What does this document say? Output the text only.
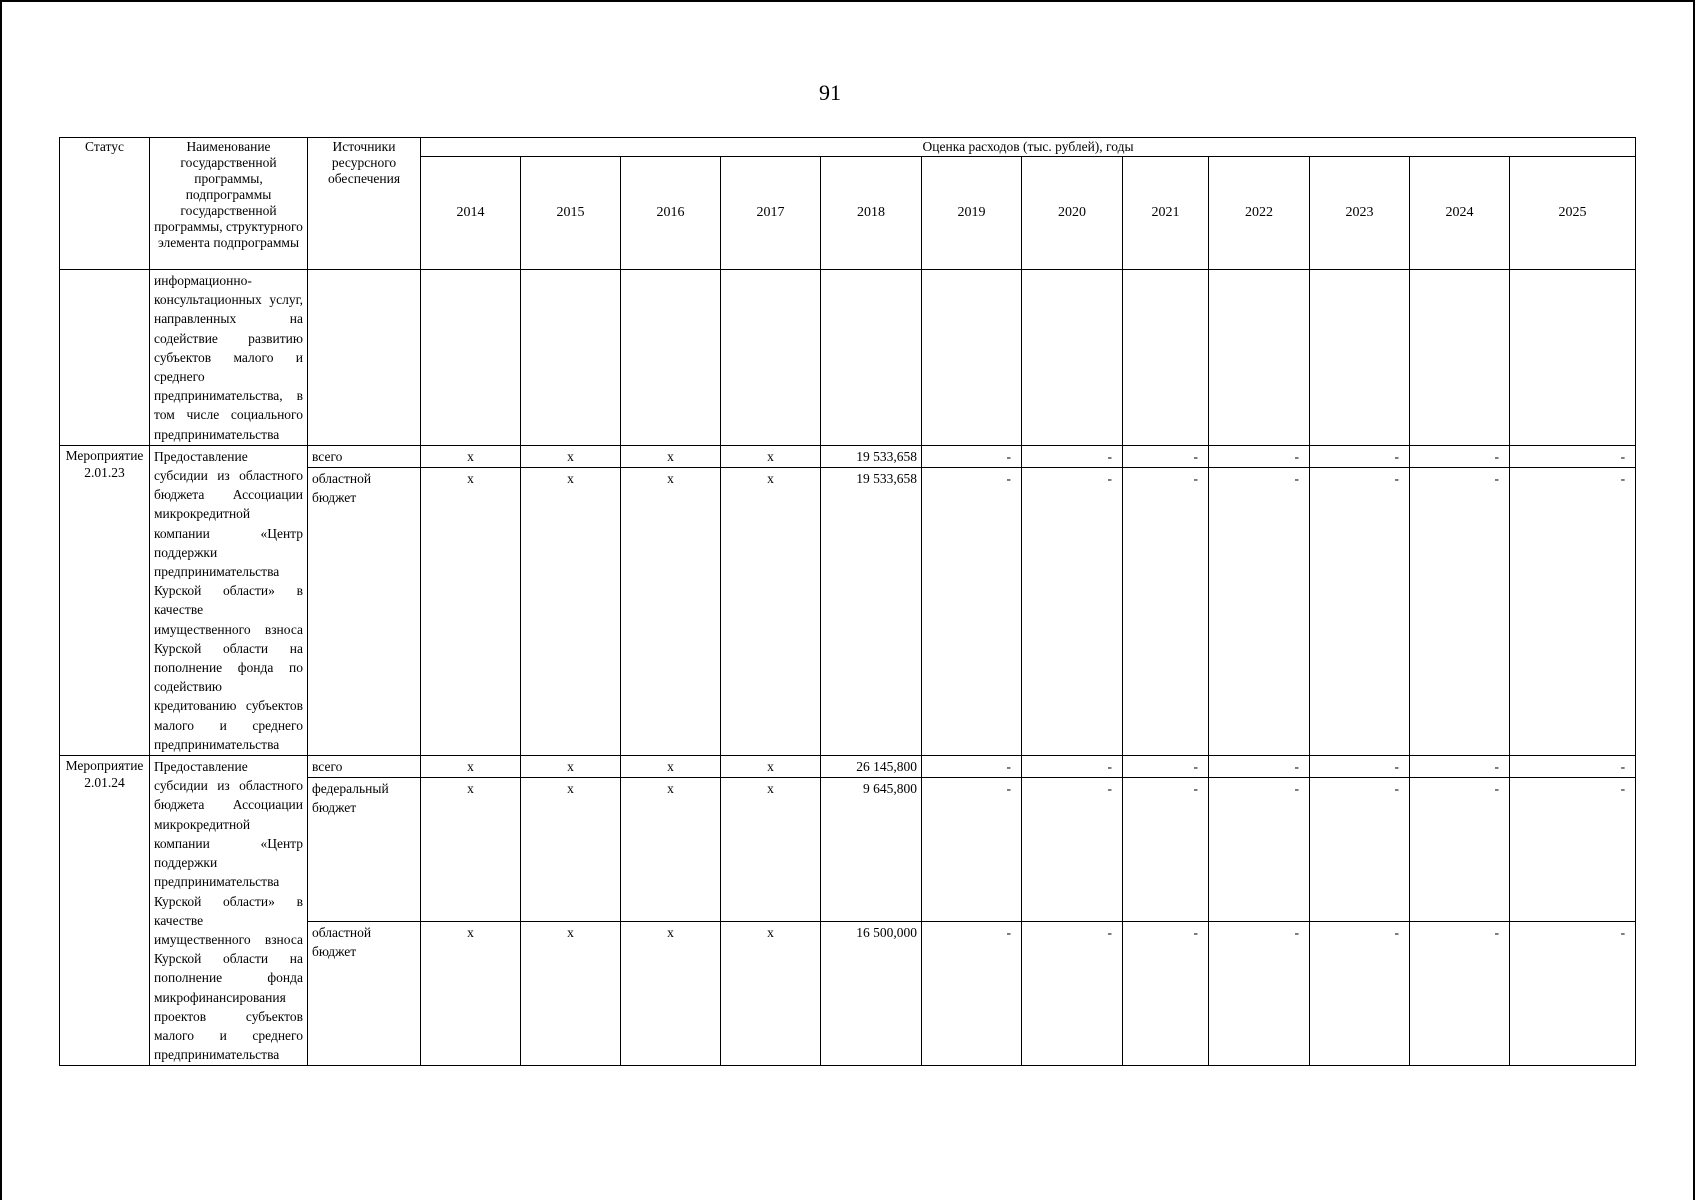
91
Статус	Наименование государственной программы, подпрограммы государственной программы, структурного элемента подпрограммы	Источники ресурсного обеспечения	Оценка расходов (тыс. рублей), годы											
			2014	2015	2016	2017	2018	2019	2020	2021	2022	2023	2024	2025
	информационно-консультационных услуг, направленных на содействие развитию субъектов малого и среднего предпринимательства, в том числе социального предпринимательства													
Мероприятие 2.01.23	Предоставление субсидии из областного бюджета Ассоциации микрокредитной компании «Центр поддержки предпринимательства Курской области» в качестве имущественного взноса Курской области на пополнение фонда по содействию кредитованию субъектов малого и среднего предпринимательства	всего	x	x	x	x	19 533,658	-	-	-	-	-	-	-
		областной бюджет	x	x	x	x	19 533,658	-	-	-	-	-	-	-
Мероприятие 2.01.24	Предоставление субсидии из областного бюджета Ассоциации микрокредитной компании «Центр поддержки предпринимательства Курской области» в качестве имущественного взноса Курской области на пополнение фонда микрофинансирования проектов субъектов малого и среднего предпринимательства	всего	x	x	x	x	26 145,800	-	-	-	-	-	-	-
		федеральный бюджет	x	x	x	x	9 645,800	-	-	-	-	-	-	-
		областной бюджет	x	x	x	x	16 500,000	-	-	-	-	-	-	-
